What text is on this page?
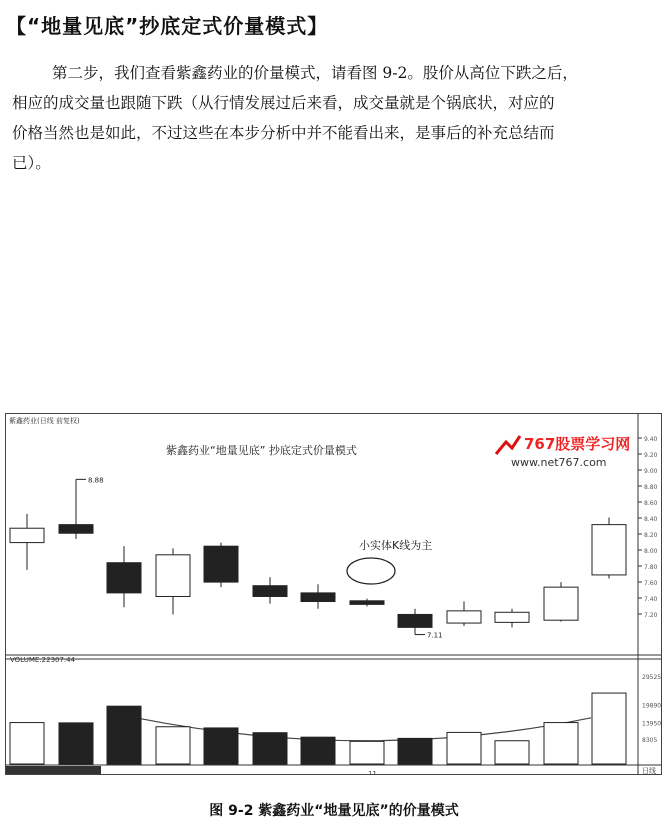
【“地量见底”抄底定式价量模式】
第二步，我们查看紫鑫药业的价量模式，请看图 9-2。股价从高位下跌之后，
相应的成交量也跟随下跌（从行情发展过后来看，成交量就是个锅底状，对应的
价格当然也是如此，不过这些在本步分析中并不能看出来，是事后的补充总结而
已）。
紫鑫药业(日线 前复权)
紫鑫药业“地量见底” 抄底定式价量模式
小实体K线为主
VOLUME:22307.44
11	日线
767股票学习网
www.net767.com
9.40
9.20
9.00
8.80
8.60
8.40
8.20
8.00
7.80
7.60
7.40
7.20
29525
19890
13950
8305
8.88
7.11
图 9-2 紫鑫药业“地量见底”的价量模式
